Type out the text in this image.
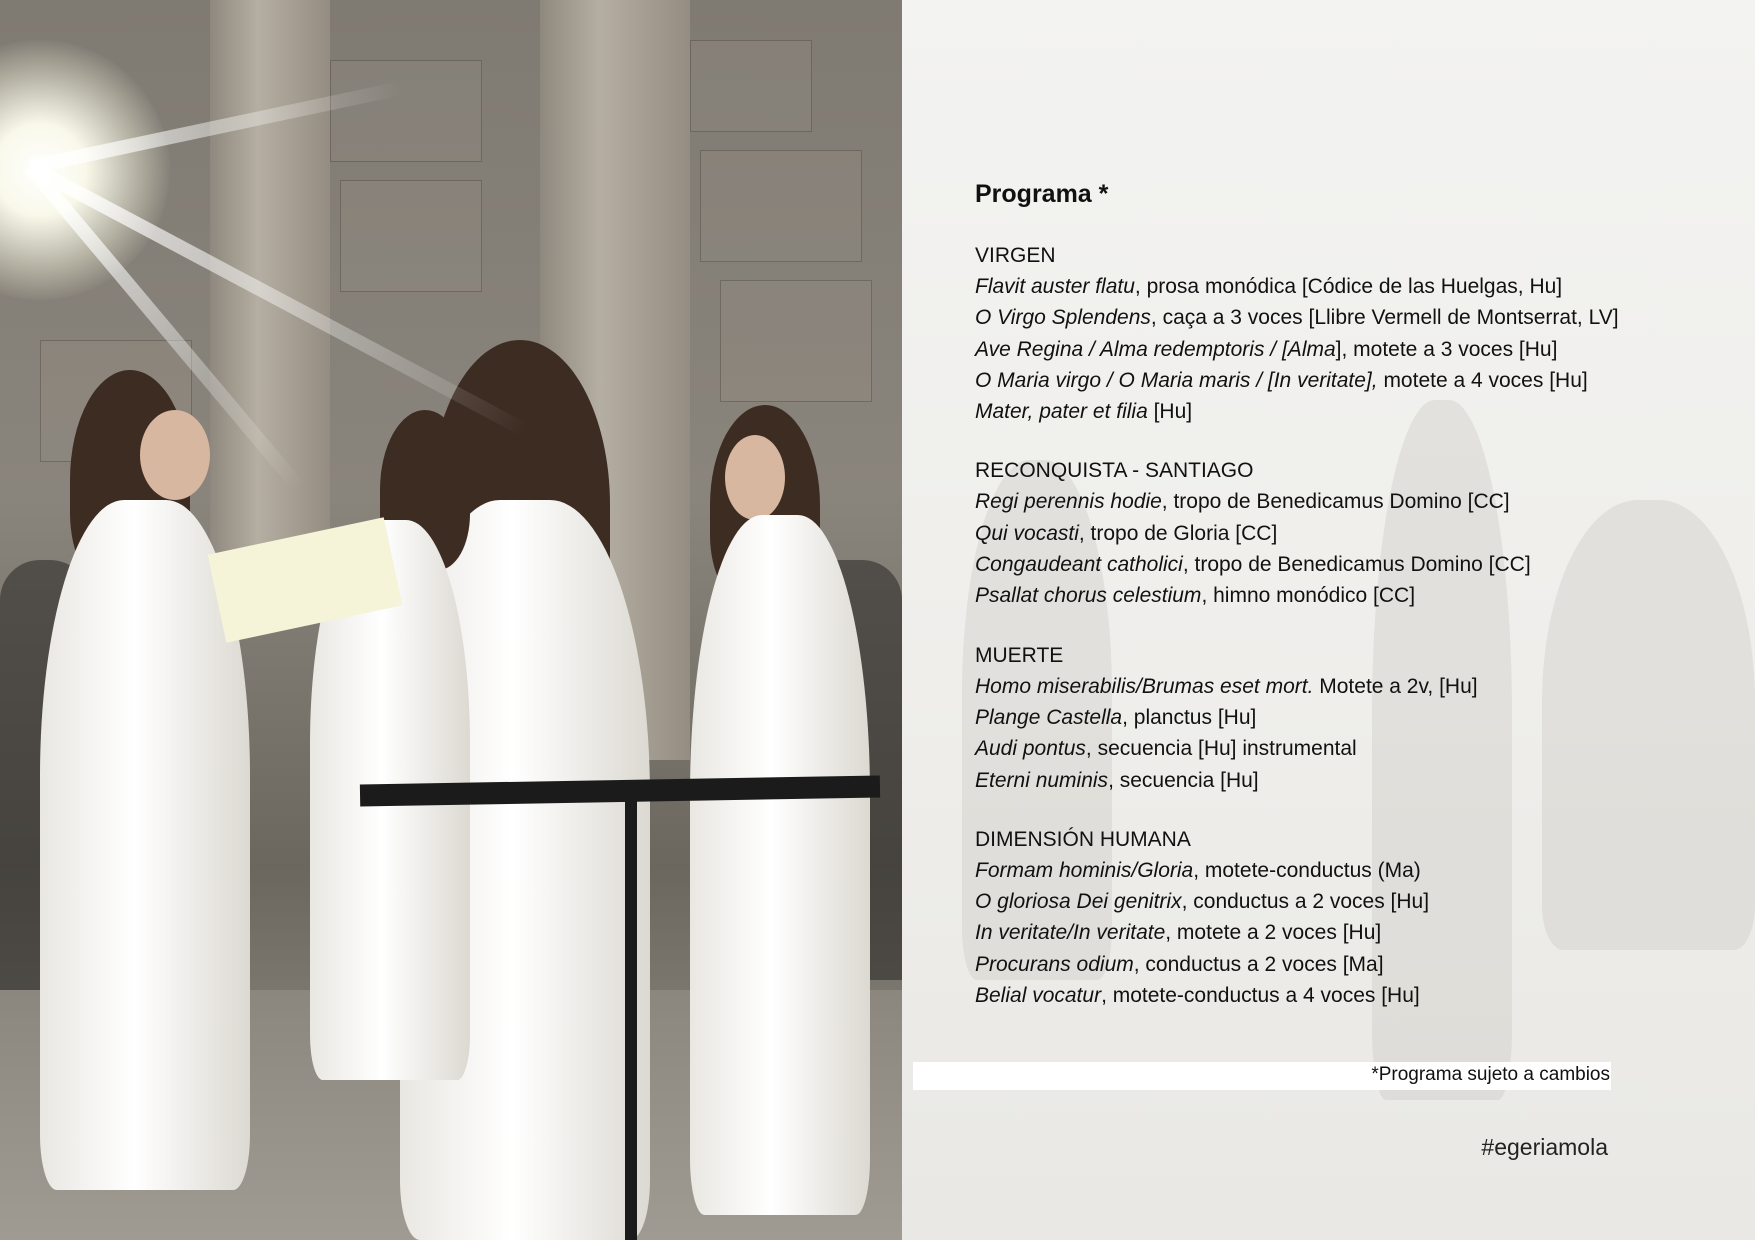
Programa *
VIRGEN
Flavit auster flatu, prosa monódica [Códice de las Huelgas, Hu]
O Virgo Splendens, caça a 3 voces [Llibre Vermell de Montserrat, LV]
Ave Regina / Alma redemptoris / [Alma], motete a 3 voces [Hu]
O Maria virgo / O Maria maris / [In veritate], motete a 4 voces [Hu]
Mater, pater et filia [Hu]
RECONQUISTA - SANTIAGO
Regi perennis hodie, tropo de Benedicamus Domino [CC]
Qui vocasti, tropo de Gloria [CC]
Congaudeant catholici, tropo de Benedicamus Domino [CC]
Psallat chorus celestium, himno monódico [CC]
MUERTE
Homo miserabilis/Brumas eset mort. Motete a 2v, [Hu]
Plange Castella, planctus [Hu]
Audi pontus, secuencia [Hu] instrumental
Eterni numinis, secuencia [Hu]
DIMENSIÓN HUMANA
Formam hominis/Gloria, motete-conductus (Ma)
O gloriosa Dei genitrix, conductus a 2 voces [Hu]
In veritate/In veritate, motete a 2 voces [Hu]
Procurans odium, conductus a 2 voces [Ma]
Belial vocatur, motete-conductus a 4 voces [Hu]
*Programa sujeto a cambios
#egeriamola
